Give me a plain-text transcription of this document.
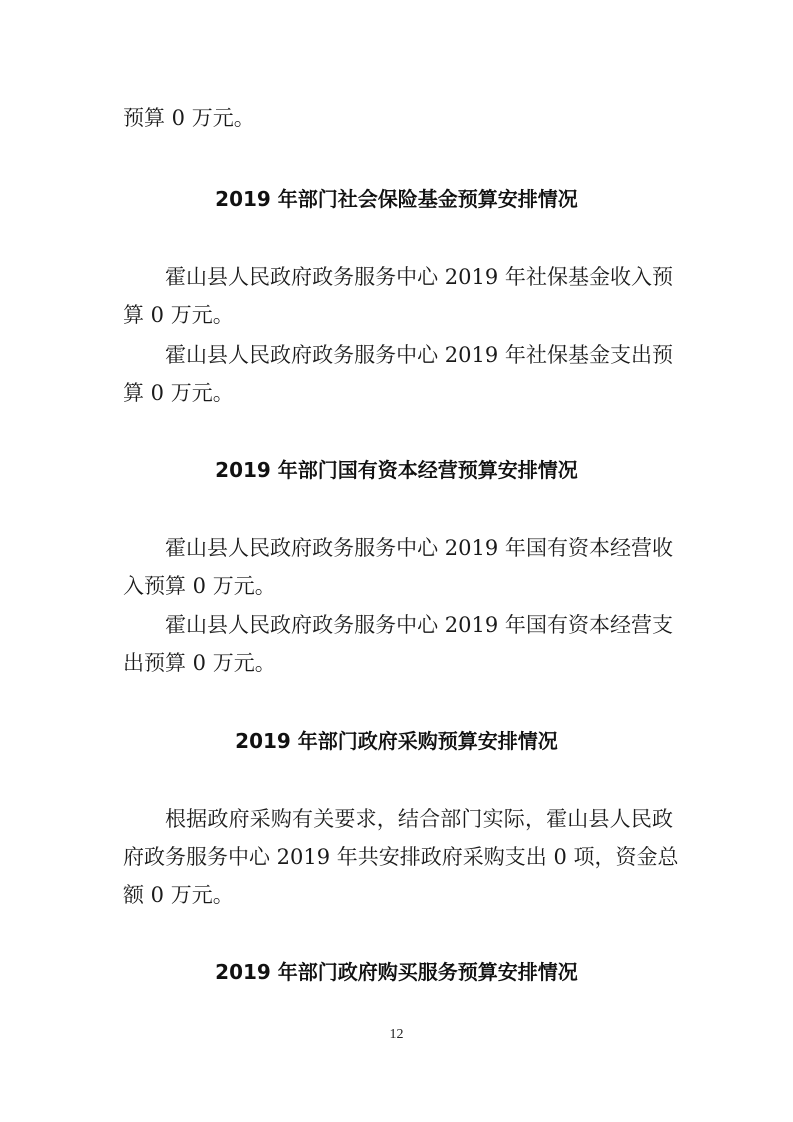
预算 0 万元。
2019 年部门社会保险基金预算安排情况
霍山县人民政府政务服务中心 2019 年社保基金收入预
算 0 万元。
霍山县人民政府政务服务中心 2019 年社保基金支出预
算 0 万元。
2019 年部门国有资本经营预算安排情况
霍山县人民政府政务服务中心 2019 年国有资本经营收
入预算 0 万元。
霍山县人民政府政务服务中心 2019 年国有资本经营支
出预算 0 万元。
2019 年部门政府采购预算安排情况
根据政府采购有关要求，结合部门实际，霍山县人民政
府政务服务中心 2019 年共安排政府采购支出 0 项，资金总
额 0 万元。
2019 年部门政府购买服务预算安排情况
12
